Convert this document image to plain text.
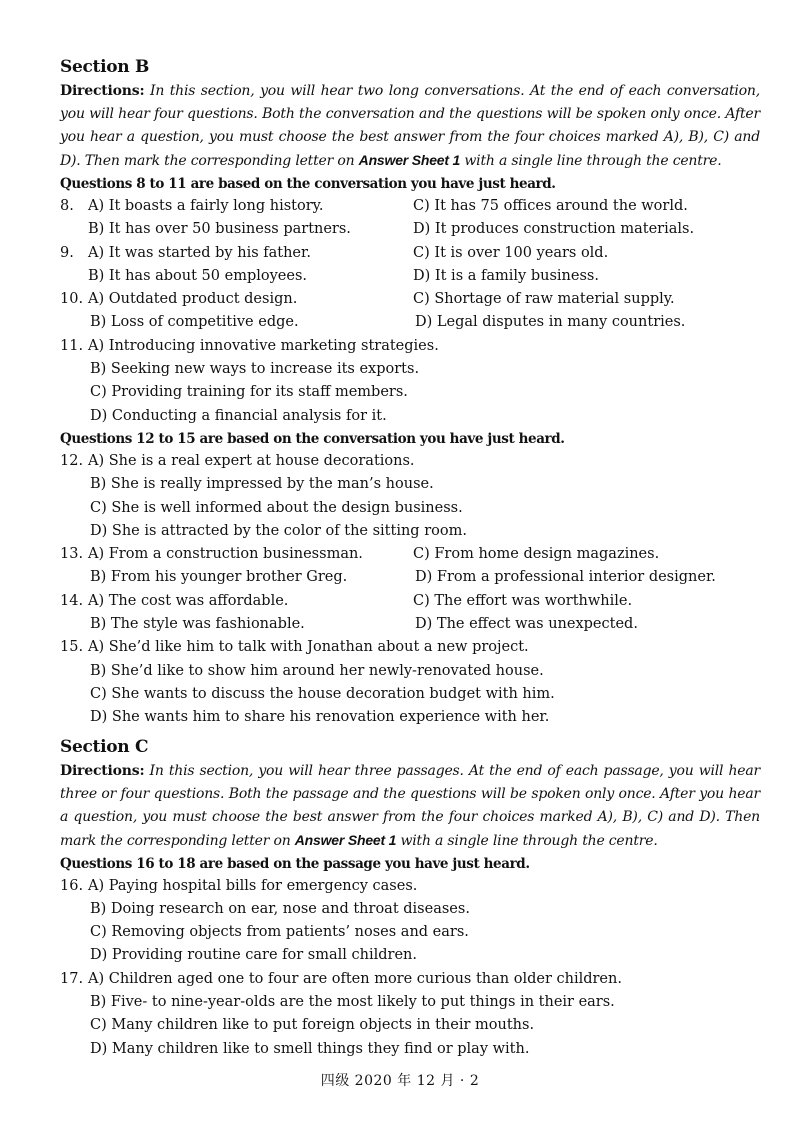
Section B
Directions: In this section, you will hear two long conversations. At the end of each conversation, you will hear four questions. Both the conversation and the questions will be spoken only once. After you hear a question, you must choose the best answer from the four choices marked A), B), C) and D). Then mark the corresponding letter on Answer Sheet 1 with a single line through the centre.
Questions 8 to 11 are based on the conversation you have just heard.
8. A) It boasts a fairly long history.	C) It has 75 offices around the world.
B) It has over 50 business partners.	D) It produces construction materials.
9. A) It was started by his father.	C) It is over 100 years old.
B) It has about 50 employees.	D) It is a family business.
10. A) Outdated product design.	C) Shortage of raw material supply.
B) Loss of competitive edge.	D) Legal disputes in many countries.
11. A) Introducing innovative marketing strategies.
B) Seeking new ways to increase its exports.
C) Providing training for its staff members.
D) Conducting a financial analysis for it.
Questions 12 to 15 are based on the conversation you have just heard.
12. A) She is a real expert at house decorations.
B) She is really impressed by the man’s house.
C) She is well informed about the design business.
D) She is attracted by the color of the sitting room.
13. A) From a construction businessman.	C) From home design magazines.
B) From his younger brother Greg.	D) From a professional interior designer.
14. A) The cost was affordable.	C) The effort was worthwhile.
B) The style was fashionable.	D) The effect was unexpected.
15. A) She’d like him to talk with Jonathan about a new project.
B) She’d like to show him around her newly-renovated house.
C) She wants to discuss the house decoration budget with him.
D) She wants him to share his renovation experience with her.
Section C
Directions: In this section, you will hear three passages. At the end of each passage, you will hear three or four questions. Both the passage and the questions will be spoken only once. After you hear a question, you must choose the best answer from the four choices marked A), B), C) and D). Then mark the corresponding letter on Answer Sheet 1 with a single line through the centre.
Questions 16 to 18 are based on the passage you have just heard.
16. A) Paying hospital bills for emergency cases.
B) Doing research on ear, nose and throat diseases.
C) Removing objects from patients’ noses and ears.
D) Providing routine care for small children.
17. A) Children aged one to four are often more curious than older children.
B) Five- to nine-year-olds are the most likely to put things in their ears.
C) Many children like to put foreign objects in their mouths.
D) Many children like to smell things they find or play with.
四级 2020 年 12 月 · 2
